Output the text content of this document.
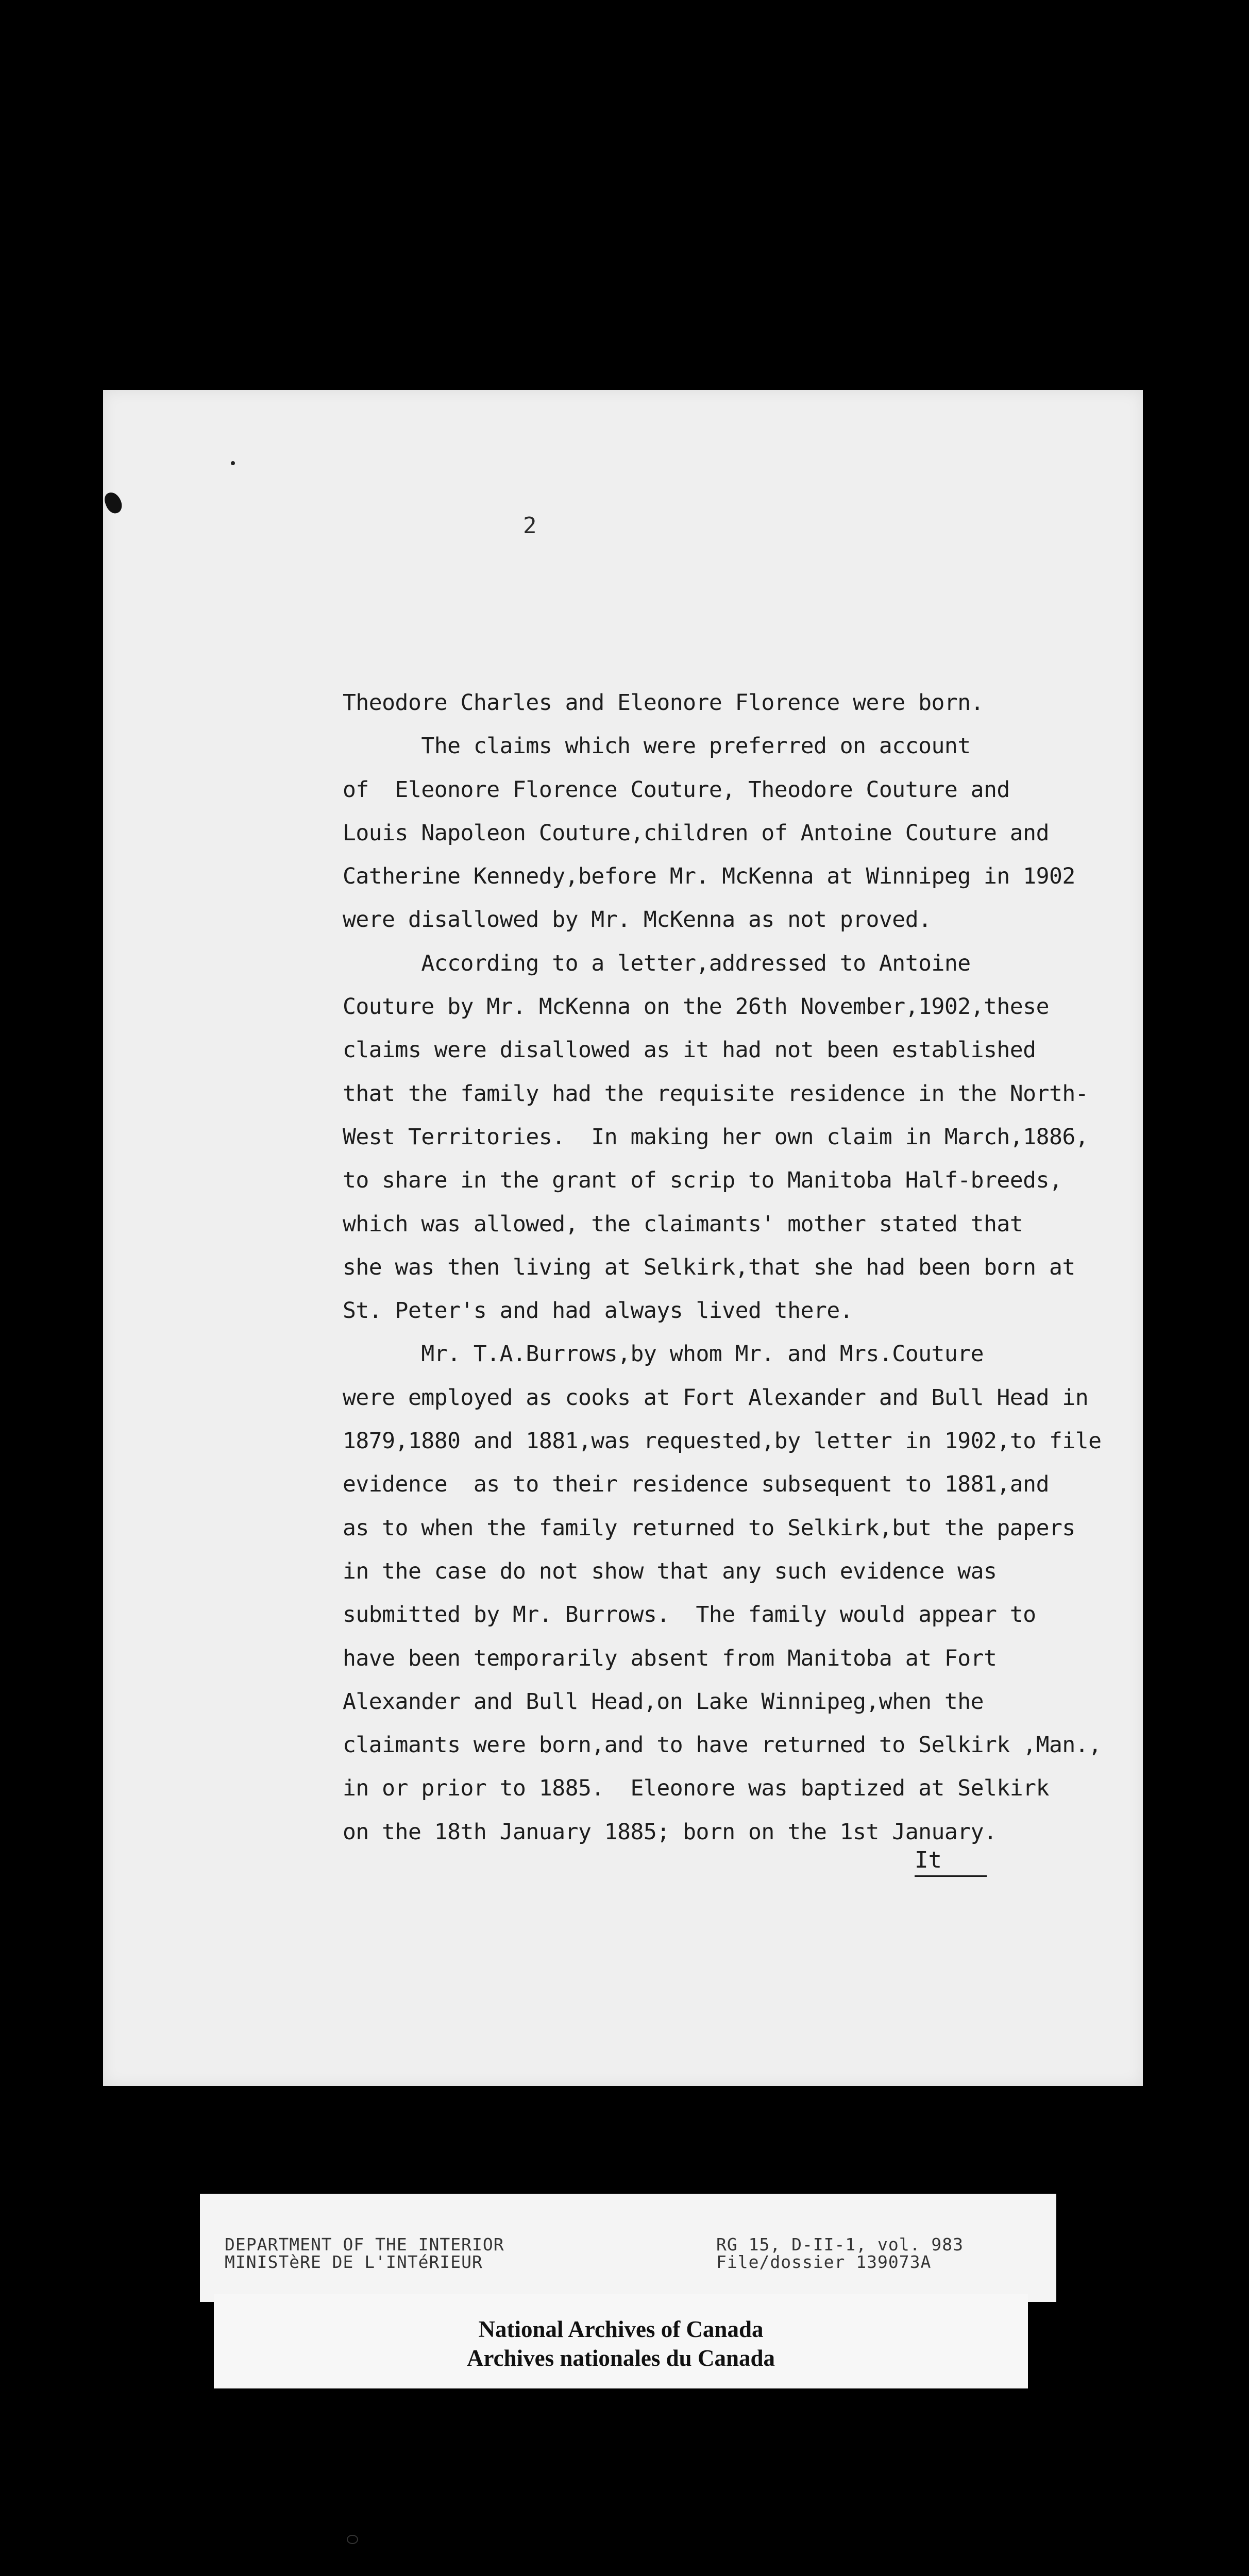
2
Theodore Charles and Eleonore Florence were born.
The claims which were preferred on account
of  Eleonore Florence Couture, Theodore Couture and
Louis Napoleon Couture,children of Antoine Couture and
Catherine Kennedy,before Mr. McKenna at Winnipeg in 1902
were disallowed by Mr. McKenna as not proved.
According to a letter,addressed to Antoine
Couture by Mr. McKenna on the 26th November,1902,these
claims were disallowed as it had not been established
that the family had the requisite residence in the North-
West Territories.  In making her own claim in March,1886,
to share in the grant of scrip to Manitoba Half-breeds,
which was allowed, the claimants' mother stated that
she was then living at Selkirk,that she had been born at
St. Peter's and had always lived there.
Mr. T.A.Burrows,by whom Mr. and Mrs.Couture
were employed as cooks at Fort Alexander and Bull Head in
1879,1880 and 1881,was requested,by letter in 1902,to file
evidence  as to their residence subsequent to 1881,and
as to when the family returned to Selkirk,but the papers
in the case do not show that any such evidence was
submitted by Mr. Burrows.  The family would appear to
have been temporarily absent from Manitoba at Fort
Alexander and Bull Head,on Lake Winnipeg,when the
claimants were born,and to have returned to Selkirk ,Man.,
in or prior to 1885.  Eleonore was baptized at Selkirk
on the 18th January 1885; born on the 1st January.
It
DEPARTMENT OF THE INTERIOR
MINISTèRE DE L'INTéRIEUR
RG 15, D-II-1, vol. 983
File/dossier 139073A
National Archives of Canada
Archives nationales du Canada
